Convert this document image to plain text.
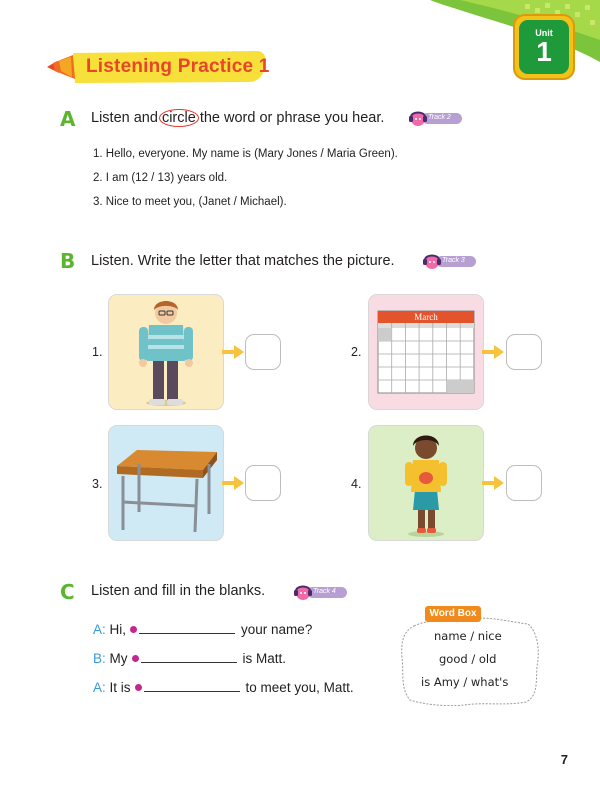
Unit
1
Listening Practice 1
A Listen and circle the word or phrase you hear.	Track 2
1. Hello, everyone. My name is (Mary Jones / Maria Green).
2. I am (12 / 13) years old.
3. Nice to meet you, (Janet / Michael).
B Listen. Write the letter that matches the picture.	Track 3
1.	2.
March
3.	4.
C Listen and fill in the blanks.	Track 4
A: Hi,	your name?
B: My	is Matt.
A: It is	to meet you, Matt.
Word Box
name / nice
good / old
is Amy / what's
7
